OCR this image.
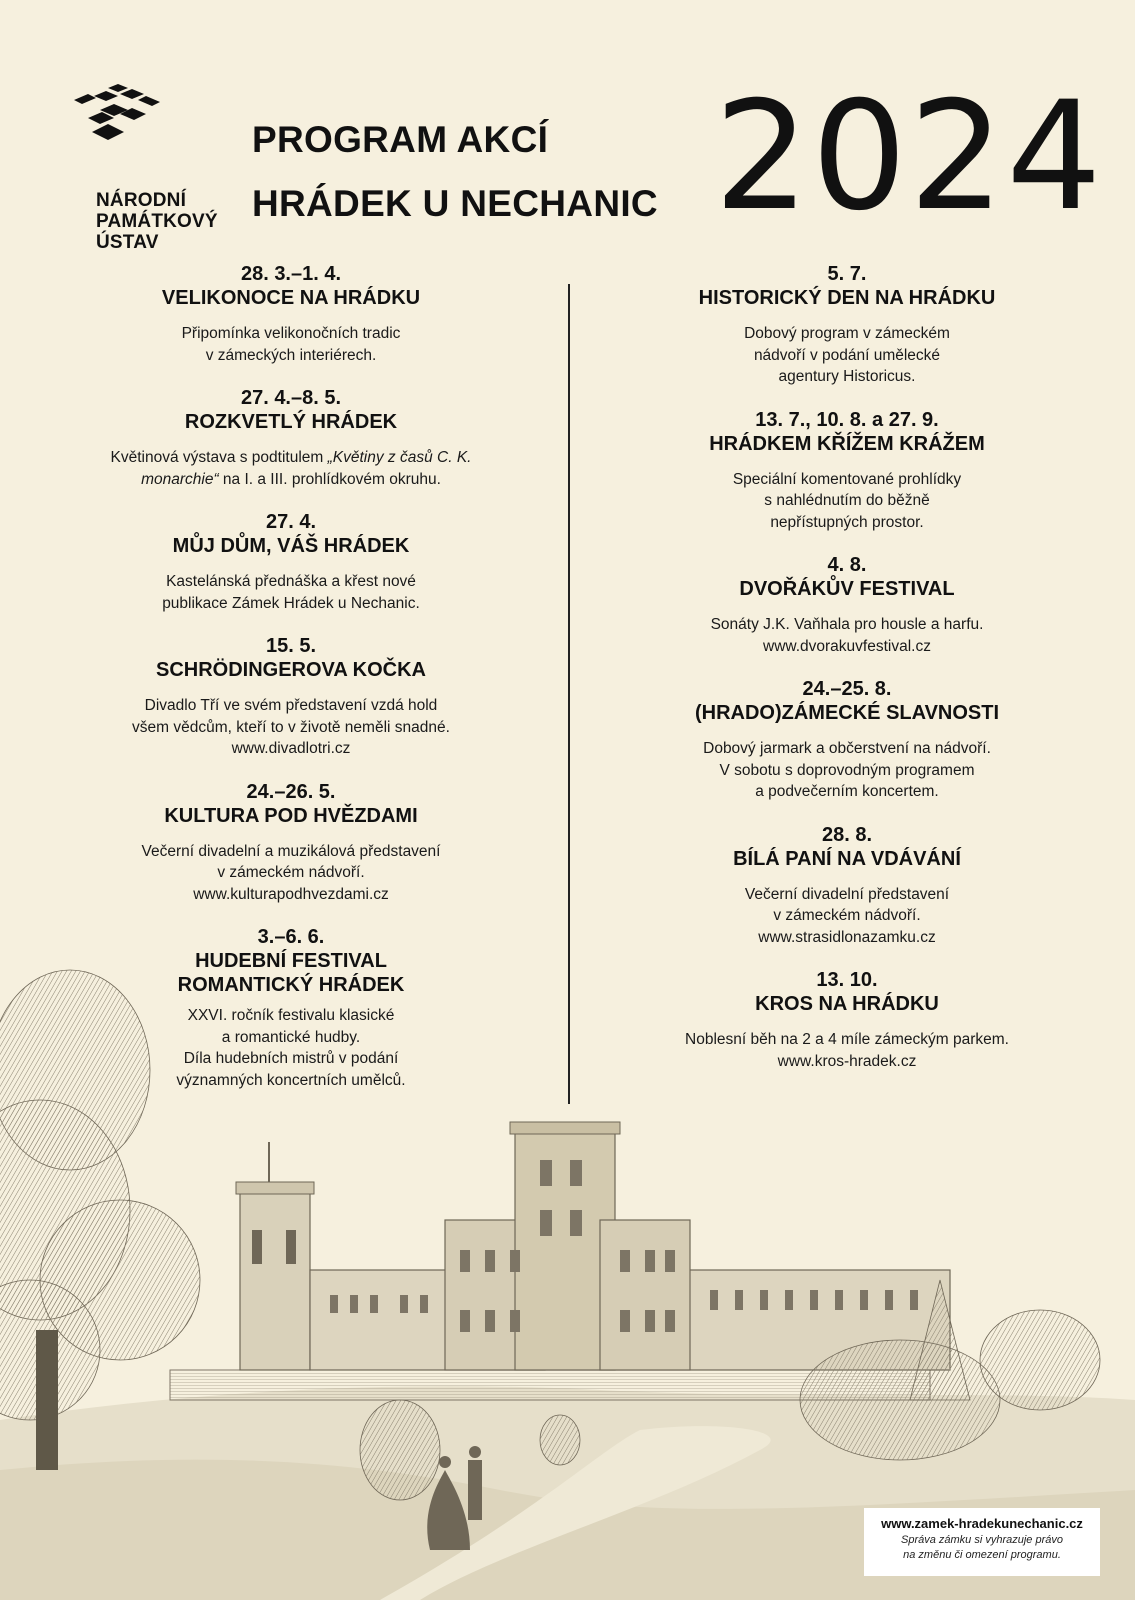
NÁRODNÍ
PAMÁTKOVÝ
ÚSTAV
PROGRAM AKCÍ
HRÁDEK U NECHANIC 2024
28. 3.–1. 4.
VELIKONOCE NA HRÁDKU
Připomínka velikonočních tradic
v zámeckých interiérech.
27. 4.–8. 5.
ROZKVETLÝ HRÁDEK
Květinová výstava s podtitulem „Květiny z časů C. K. monarchie“ na I. a III. prohlídkovém okruhu.
27. 4.
MŮJ DŮM, VÁŠ HRÁDEK
Kastelánská přednáška a křest nové
publikace Zámek Hrádek u Nechanic.
15. 5.
SCHRÖDINGEROVA KOČKA
Divadlo Tří ve svém představení vzdá hold
všem vědcům, kteří to v životě neměli snadné.
www.divadlotri.cz
24.–26. 5.
KULTURA POD HVĚZDAMI
Večerní divadelní a muzikálová představení
v zámeckém nádvoří.
www.kulturapodhvezdami.cz
3.–6. 6.
HUDEBNÍ FESTIVAL
ROMANTICKÝ HRÁDEK
XXVI. ročník festivalu klasické
a romantické hudby.
Díla hudebních mistrů v podání
významných koncertních umělců.
5. 7.
HISTORICKÝ DEN NA HRÁDKU
Dobový program v zámeckém
nádvoří v podání umělecké
agentury Historicus.
13. 7., 10. 8. a 27. 9.
HRÁDKEM KŘÍŽEM KRÁŽEM
Speciální komentované prohlídky
s nahlédnutím do běžně
nepřístupných prostor.
4. 8.
DVOŘÁKŮV FESTIVAL
Sonáty J.K. Vaňhala pro housle a harfu.
www.dvorakuvfestival.cz
24.–25. 8.
(HRADO)ZÁMECKÉ SLAVNOSTI
Dobový jarmark a občerstvení na nádvoří.
V sobotu s doprovodným programem
a podvečerním koncertem.
28. 8.
BÍLÁ PANÍ NA VDÁVÁNÍ
Večerní divadelní představení
v zámeckém nádvoří.
www.strasidlonazamku.cz
13. 10.
KROS NA HRÁDKU
Noblesní běh na 2 a 4 míle zámeckým parkem.
www.kros-hradek.cz
www.zamek-hradekunechanic.cz
Správa zámku si vyhrazuje právo
na změnu či omezení programu.
